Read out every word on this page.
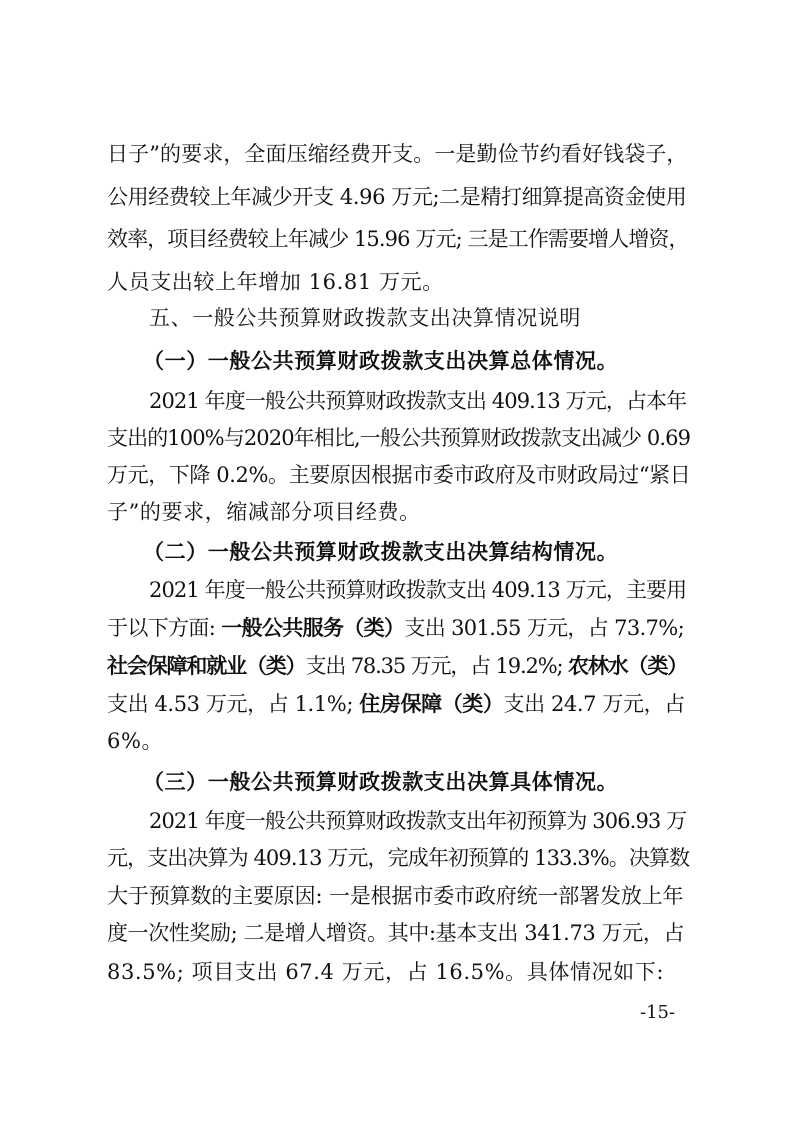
日子”的要求，全面压缩经费开支。一是勤俭节约看好钱袋子，
公用经费较上年减少开支 4.96 万元;二是精打细算提高资金使用
效率，项目经费较上年减少 15.96 万元; 三是工作需要增人增资，
人员支出较上年增加 16.81 万元。
五、一般公共预算财政拨款支出决算情况说明
（一）一般公共预算财政拨款支出决算总体情况。
2021 年度一般公共预算财政拨款支出 409.13 万元，占本年
支出的100%与2020年相比,一般公共预算财政拨款支出减少 0.69
万元，下降 0.2%。主要原因根据市委市政府及市财政局过“紧日
子”的要求，缩减部分项目经费。
（二）一般公共预算财政拨款支出决算结构情况。
2021 年度一般公共预算财政拨款支出 409.13 万元，主要用
于以下方面: 一般公共服务（类）支出 301.55 万元，占 73.7%;
社会保障和就业（类）支出 78.35 万元，占 19.2%; 农林水（类）
支出 4.53 万元，占 1.1%; 住房保障（类）支出 24.7 万元，占
6%。
（三）一般公共预算财政拨款支出决算具体情况。
2021 年度一般公共预算财政拨款支出年初预算为 306.93 万
元，支出决算为 409.13 万元，完成年初预算的 133.3%。决算数
大于预算数的主要原因: 一是根据市委市政府统一部署发放上年
度一次性奖励; 二是增人增资。其中:基本支出 341.73 万元，占
83.5%; 项目支出 67.4 万元，占 16.5%。具体情况如下:
-15-
